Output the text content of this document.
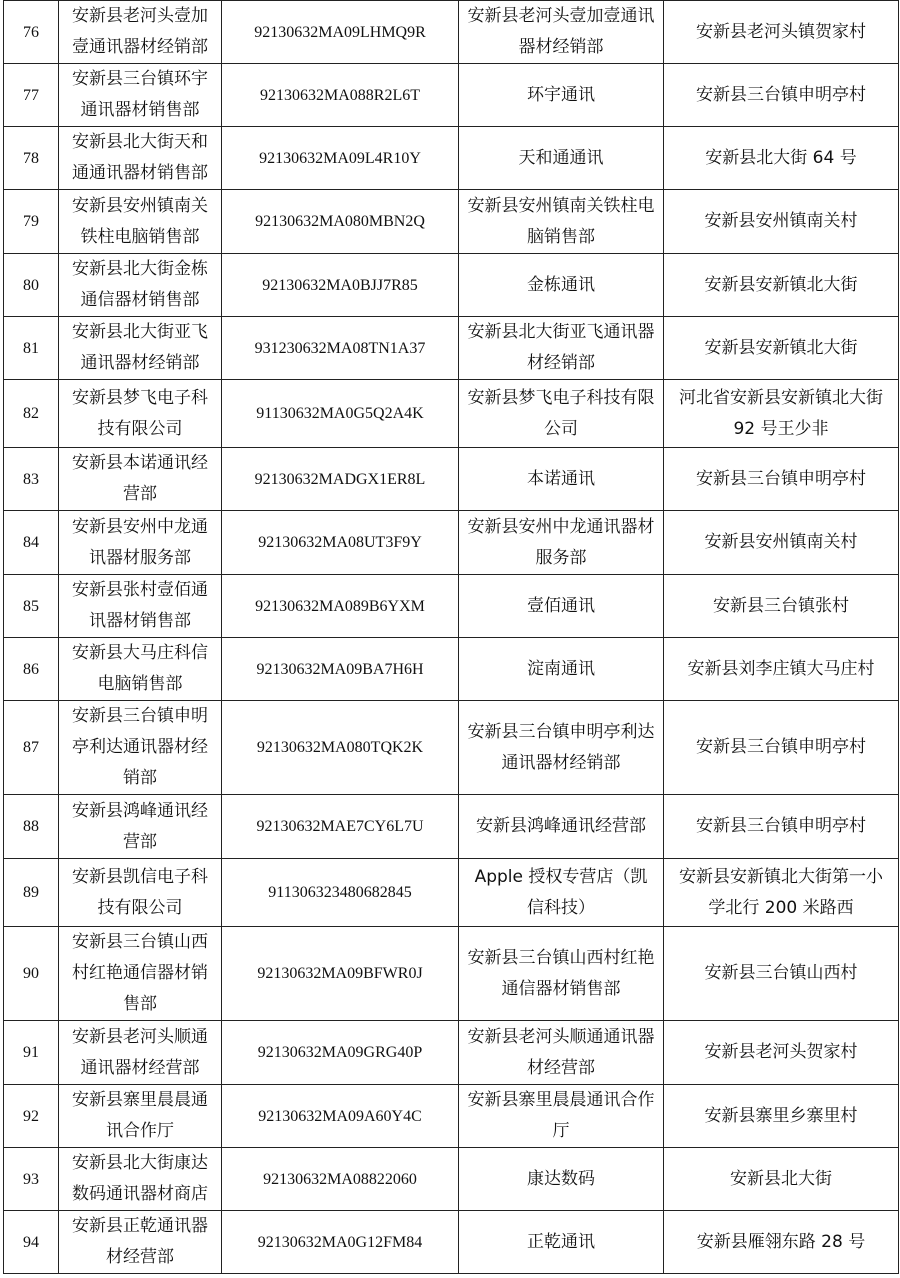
76	安新县老河头壹加壹通讯器材经销部	92130632MA09LHMQ9R	安新县老河头壹加壹通讯器材经销部	安新县老河头镇贺家村
77	安新县三台镇环宇通讯器材销售部	92130632MA088R2L6T	环宇通讯	安新县三台镇申明亭村
78	安新县北大街天和通通讯器材销售部	92130632MA09L4R10Y	天和通通讯	安新县北大街 64 号
79	安新县安州镇南关铁柱电脑销售部	92130632MA080MBN2Q	安新县安州镇南关铁柱电脑销售部	安新县安州镇南关村
80	安新县北大街金栋通信器材销售部	92130632MA0BJJ7R85	金栋通讯	安新县安新镇北大街
81	安新县北大街亚飞通讯器材经销部	931230632MA08TN1A37	安新县北大街亚飞通讯器材经销部	安新县安新镇北大街
82	安新县梦飞电子科技有限公司	91130632MA0G5Q2A4K	安新县梦飞电子科技有限公司	河北省安新县安新镇北大街 92 号王少非
83	安新县本诺通讯经营部	92130632MADGX1ER8L	本诺通讯	安新县三台镇申明亭村
84	安新县安州中龙通讯器材服务部	92130632MA08UT3F9Y	安新县安州中龙通讯器材服务部	安新县安州镇南关村
85	安新县张村壹佰通讯器材销售部	92130632MA089B6YXM	壹佰通讯	安新县三台镇张村
86	安新县大马庄科信电脑销售部	92130632MA09BA7H6H	淀南通讯	安新县刘李庄镇大马庄村
87	安新县三台镇申明亭利达通讯器材经销部	92130632MA080TQK2K	安新县三台镇申明亭利达通讯器材经销部	安新县三台镇申明亭村
88	安新县鸿峰通讯经营部	92130632MAE7CY6L7U	安新县鸿峰通讯经营部	安新县三台镇申明亭村
89	安新县凯信电子科技有限公司	911306323480682845	Apple 授权专营店（凯信科技）	安新县安新镇北大街第一小学北行 200 米路西
90	安新县三台镇山西村红艳通信器材销售部	92130632MA09BFWR0J	安新县三台镇山西村红艳通信器材销售部	安新县三台镇山西村
91	安新县老河头顺通通讯器材经营部	92130632MA09GRG40P	安新县老河头顺通通讯器材经营部	安新县老河头贺家村
92	安新县寨里晨晨通讯合作厅	92130632MA09A60Y4C	安新县寨里晨晨通讯合作厅	安新县寨里乡寨里村
93	安新县北大街康达数码通讯器材商店	92130632MA08822060	康达数码	安新县北大街
94	安新县正乾通讯器材经营部	92130632MA0G12FM84	正乾通讯	安新县雁翎东路 28 号
